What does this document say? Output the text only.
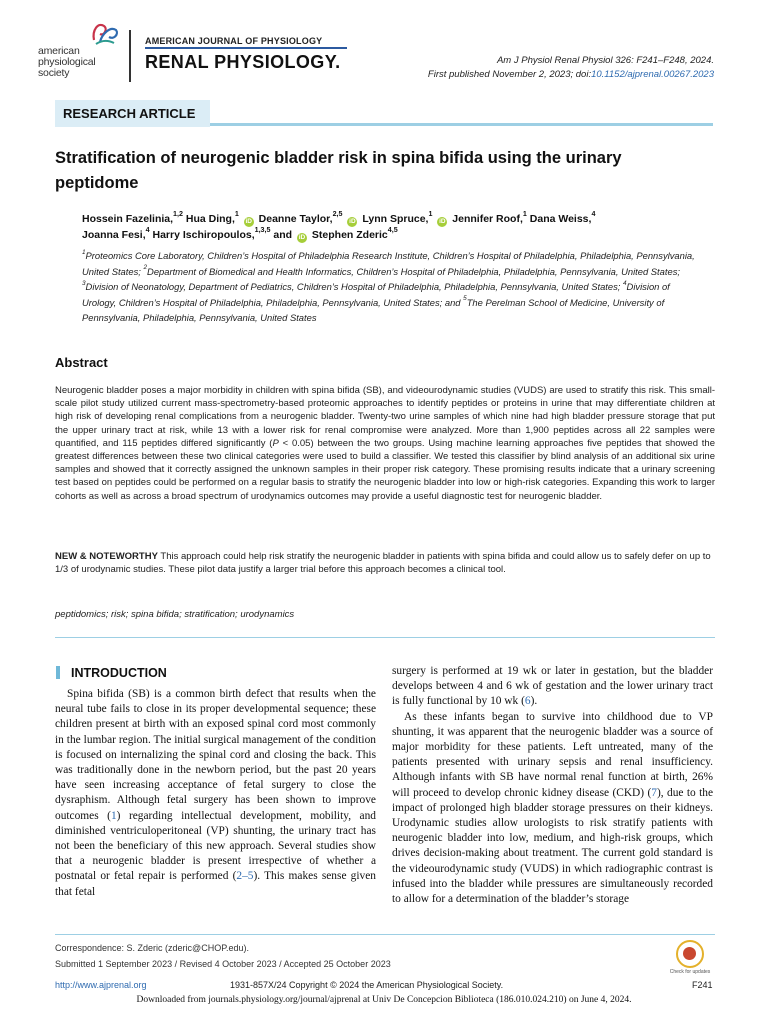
american
physiological
society
AMERICAN JOURNAL OF PHYSIOLOGY
RENAL PHYSIOLOGY.	Am J Physiol Renal Physiol 326: F241–F248, 2024.
First published November 2, 2023; doi:10.1152/ajprenal.00267.2023
RESEARCH ARTICLE
Stratification of neurogenic bladder risk in spina bifida using the urinary peptidome
Hossein Fazelinia,$^{1,2}$ Hua Ding,$^1$ iD Deanne Taylor,$^{2,5}$ iD Lynn Spruce,$^1$ iD Jennifer Roof,$^1$ Dana Weiss,$^4$
Joanna Fesi,$^4$ Harry Ischiropoulos,$^{1,3,5}$ and iD Stephen Zderic$^{4,5}$
$^1$Proteomics Core Laboratory, Children’s Hospital of Philadelphia Research Institute, Children’s Hospital of Philadelphia, Philadelphia, Pennsylvania, United States; $^2$Department of Biomedical and Health Informatics, Children’s Hospital of Philadelphia, Philadelphia, Pennsylvania, United States; $^3$Division of Neonatology, Department of Pediatrics, Children’s Hospital of Philadelphia, Philadelphia, Pennsylvania, United States; $^4$Division of Urology, Children’s Hospital of Philadelphia, Philadelphia, Pennsylvania, United States; and $^5$The Perelman School of Medicine, University of Pennsylvania, Philadelphia, Pennsylvania, United States
Abstract
Neurogenic bladder poses a major morbidity in children with spina bifida (SB), and videourodynamic studies (VUDS) are used to stratify this risk. This small-scale pilot study utilized current mass-spectrometry-based proteomic approaches to identify peptides or proteins in urine that may differentiate children at high risk of developing renal complications from a neurogenic bladder. Twenty-two urine samples of which nine had high bladder pressure storage that put the upper urinary tract at risk, while 13 with a lower risk for renal compromise were analyzed. More than 1,900 peptides across all 22 samples were quantified, and 115 peptides differed significantly (P < 0.05) between the two groups. Using machine learning approaches five peptides that showed the greatest differences between these two clinical categories were used to build a classifier. We tested this classifier by blind analysis of an additional six urine samples and showed that it correctly assigned the unknown samples in their proper risk category. These promising results indicate that a urinary screening test based on peptides could be performed on a regular basis to stratify the neurogenic bladder into low or high-risk categories. Expanding this work to larger cohorts as well as across a broad spectrum of urodynamics outcomes may provide a useful diagnostic test for neurogenic bladder.
NEW & NOTEWORTHY This approach could help risk stratify the neurogenic bladder in patients with spina bifida and could allow us to safely defer on up to 1/3 of urodynamic studies. These pilot data justify a larger trial before this approach becomes a clinical tool.
peptidomics; risk; spina bifida; stratification; urodynamics
INTRODUCTION

Spina bifida (SB) is a common birth defect that results when the neural tube fails to close in its proper developmental sequence; these children present at birth with an exposed spinal cord most commonly in the lumbar region. The initial surgical management of the condition is focused on internalizing the spinal cord and closing the back. This was traditionally done in the newborn period, but the past 20 years have seen increasing acceptance of fetal surgery to close the dysraphism. Although fetal surgery has been shown to improve outcomes (1) regarding intellectual development, mobility, and diminished ventriculoperitoneal (VP) shunting, the urinary tract has not been the beneficiary of this new approach. Several studies show that a neurogenic bladder is present irrespective of whether a postnatal or fetal repair is performed (2–5). This makes sense given that fetal

surgery is performed at 19 wk or later in gestation, but the bladder develops between 4 and 6 wk of gestation and the lower urinary tract is fully functional by 10 wk (6).

As these infants began to survive into childhood due to VP shunting, it was apparent that the neurogenic bladder was a source of major morbidity for these patients. Left untreated, many of the patients presented with urinary sepsis and renal insufficiency. Although infants with SB have normal renal function at birth, 26% will proceed to develop chronic kidney disease (CKD) (7), due to the impact of prolonged high bladder storage pressures on their kidneys. Urodynamic studies allow urologists to risk stratify patients with neurogenic bladder into low, medium, and high-risk groups, which drives decision-making about treatment. The current gold standard is the videourodynamic study (VUDS) in which radiographic contrast is infused into the bladder while pressures are simultaneously recorded to allow for a determination of the bladder’s storage

Correspondence: S. Zderic (zderic@CHOP.edu).
Submitted 1 September 2023 / Revised 4 October 2023 / Accepted 25 October 2023
Check for updates
http://www.ajprenal.org	1931-857X/24 Copyright © 2024 the American Physiological Society.	F241
Downloaded from journals.physiology.org/journal/ajprenal at Univ De Concepcion Biblioteca (186.010.024.210) on June 4, 2024.
